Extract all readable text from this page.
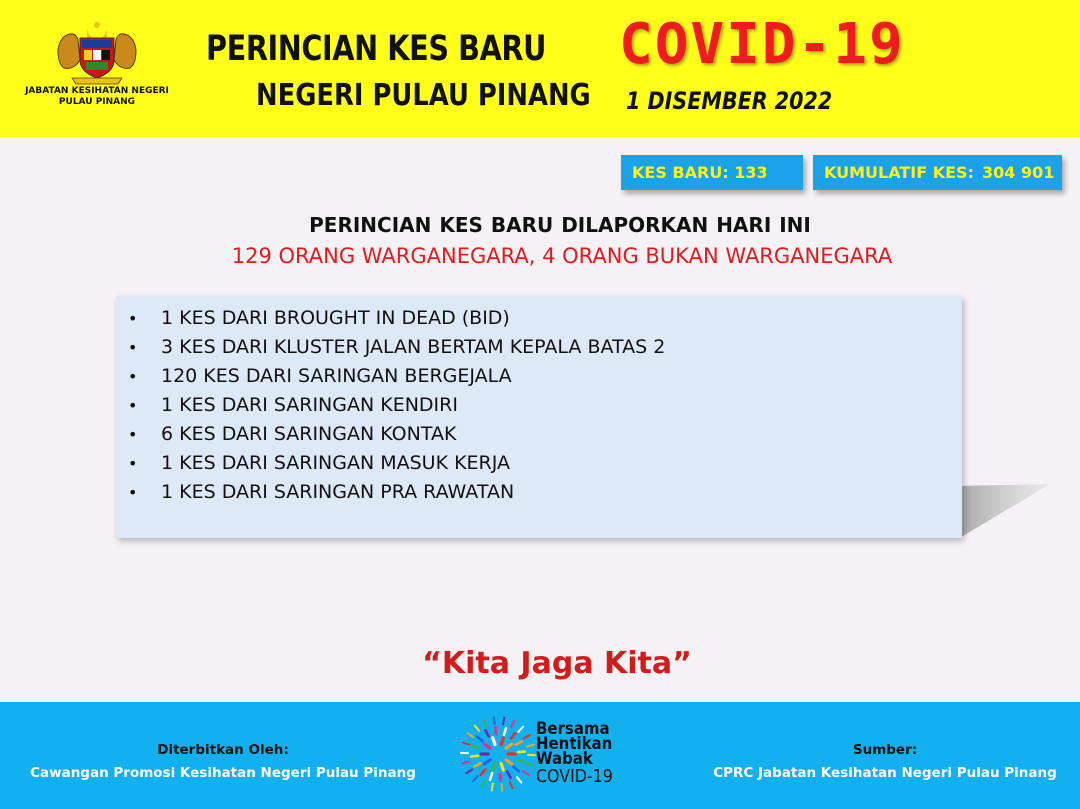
JABATAN KESIHATAN NEGERI
PULAU PINANG
PERINCIAN KES BARU COVID-19
NEGERI PULAU PINANG 1 DISEMBER 2022
KES BARU: 133	KUMULATIF KES: 304 901
PERINCIAN KES BARU DILAPORKAN HARI INI
129 ORANG WARGANEGARA, 4 ORANG BUKAN WARGANEGARA
• 1 KES DARI BROUGHT IN DEAD (BID)
• 3 KES DARI KLUSTER JALAN BERTAM KEPALA BATAS 2
• 120 KES DARI SARINGAN BERGEJALA
• 1 KES DARI SARINGAN KENDIRI
• 6 KES DARI SARINGAN KONTAK
• 1 KES DARI SARINGAN MASUK KERJA
• 1 KES DARI SARINGAN PRA RAWATAN
“Kita Jaga Kita”
Diterbitkan Oleh:
Cawangan Promosi Kesihatan Negeri Pulau Pinang
Bersama
Hentikan
Wabak
COVID-19
Sumber:
CPRC Jabatan Kesihatan Negeri Pulau Pinang
